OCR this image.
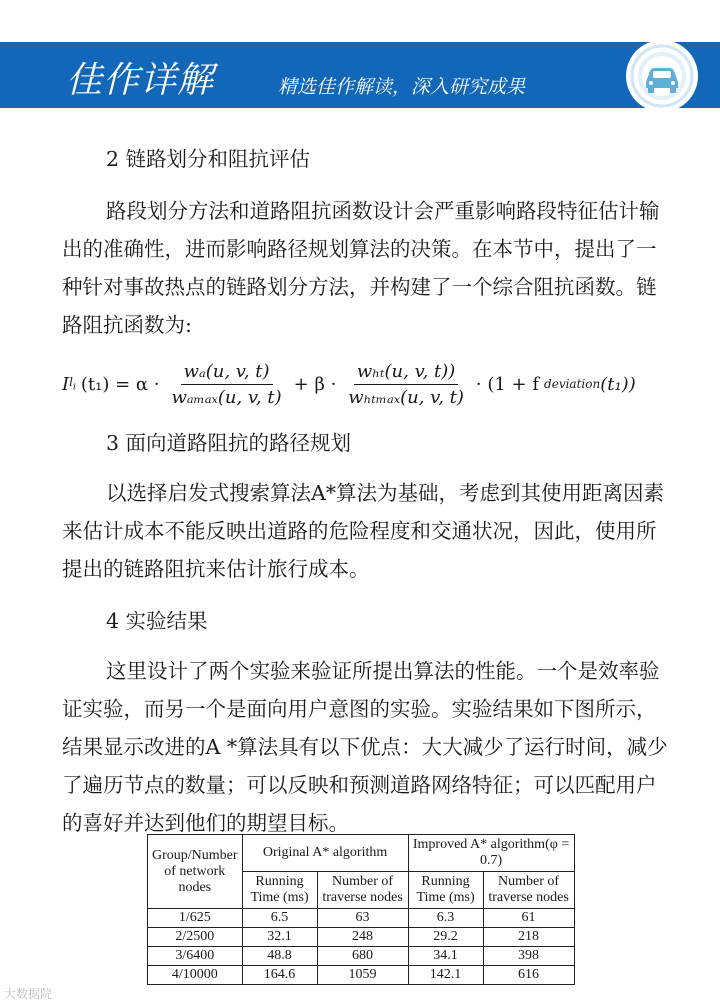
佳作详解	精选佳作解读，深入研究成果

2 链路划分和阻抗评估

路段划分方法和道路阻抗函数设计会严重影响路段特征估计输出的准确性，进而影响路径规划算法的决策。在本节中，提出了一种针对事故热点的链路划分方法，并构建了一个综合阻抗函数。链路阻抗函数为:

I $l_i$ $(t_1) = \alpha \cdot \frac{\text{wₐ(u, v, t)}}{\text{wₐₘₐₓ(u, v, t)}} + \beta \cdot \frac{\text{wₕₜ(u, v, t))}}{\text{wₕₜₘₐₓ(u, v, t)}} \cdot (1 + f$ deviation (t₁))

3 面向道路阻抗的路径规划

以选择启发式搜索算法A*算法为基础，考虑到其使用距离因素来估计成本不能反映出道路的危险程度和交通状况，因此，使用所提出的链路阻抗来估计旅行成本。

4 实验结果

这里设计了两个实验来验证所提出算法的性能。一个是效率验证实验，而另一个是面向用户意图的实验。实验结果如下图所示，结果显示改进的A *算法具有以下优点：大大减少了运行时间，减少了遍历节点的数量；可以反映和预测道路网络特征；可以匹配用户的喜好并达到他们的期望目标。

Group/Number of network nodes	Original A* algorithm		Improved A* algorithm(φ = 0.7)	
	Running Time (ms)	Number of traverse nodes	Running Time (ms)	Number of traverse nodes
1/625	6.5	63	6.3	61
2/2500	32.1	248	29.2	218
3/6400	48.8	680	34.1	398
4/10000	164.6	1059	142.1	616
大数据院
